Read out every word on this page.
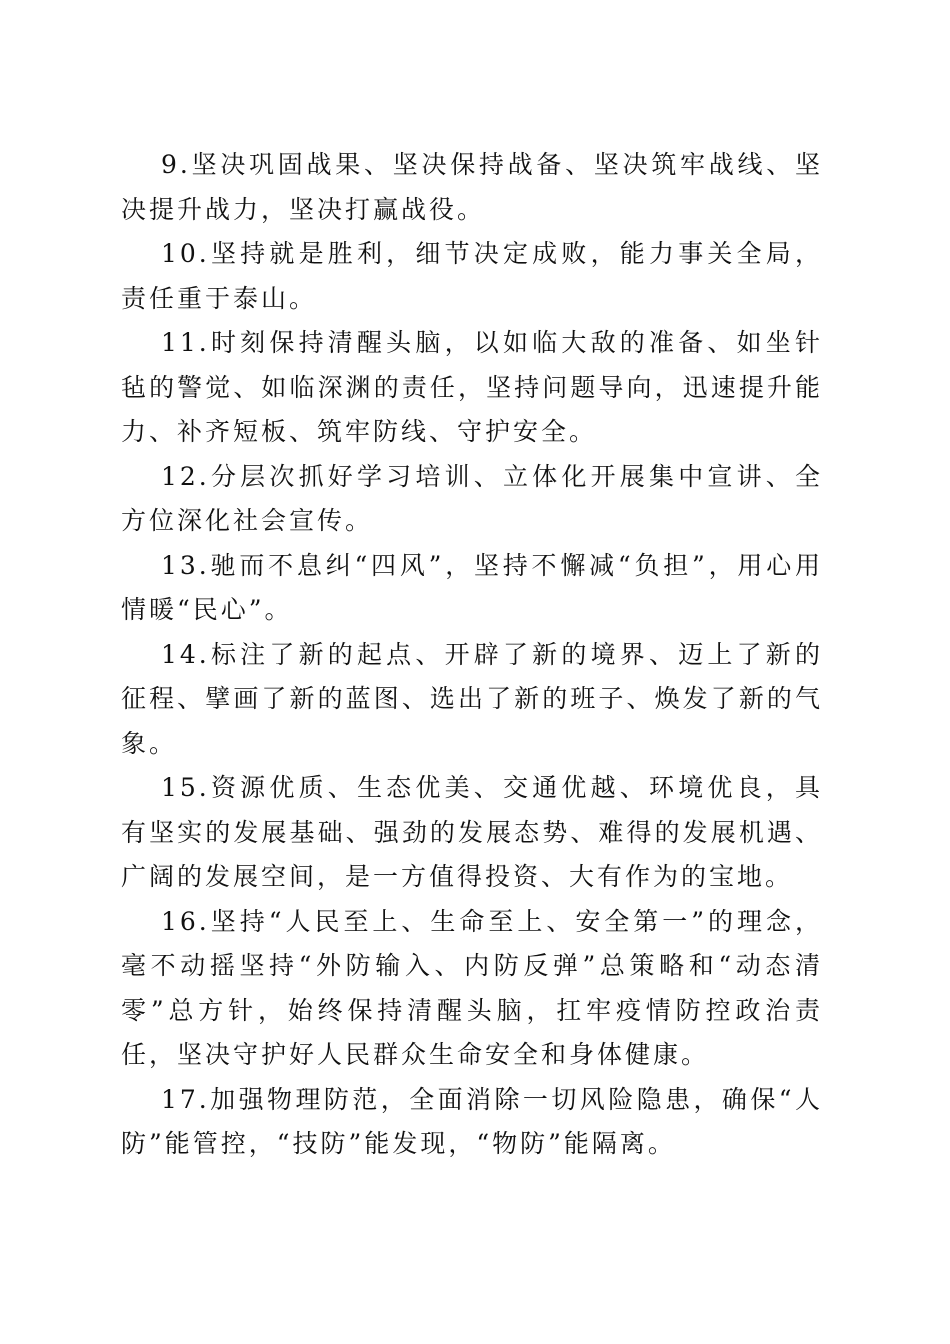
9.坚决巩固战果、坚决保持战备、坚决筑牢战线、坚决提升战力，坚决打赢战役。

10.坚持就是胜利，细节决定成败，能力事关全局，责任重于泰山。

11.时刻保持清醒头脑，以如临大敌的准备、如坐针毡的警觉、如临深渊的责任，坚持问题导向，迅速提升能力、补齐短板、筑牢防线、守护安全。

12.分层次抓好学习培训、立体化开展集中宣讲、全方位深化社会宣传。

13.驰而不息纠“四风”，坚持不懈减“负担”，用心用情暖“民心”。

14.标注了新的起点、开辟了新的境界、迈上了新的征程、擘画了新的蓝图、选出了新的班子、焕发了新的气象。

15.资源优质、生态优美、交通优越、环境优良，具有坚实的发展基础、强劲的发展态势、难得的发展机遇、广阔的发展空间，是一方值得投资、大有作为的宝地。

16.坚持“人民至上、生命至上、安全第一”的理念，毫不动摇坚持“外防输入、内防反弹”总策略和“动态清零”总方针，始终保持清醒头脑，扛牢疫情防控政治责任，坚决守护好人民群众生命安全和身体健康。

17.加强物理防范，全面消除一切风险隐患，确保“人防”能管控，“技防”能发现，“物防”能隔离。
